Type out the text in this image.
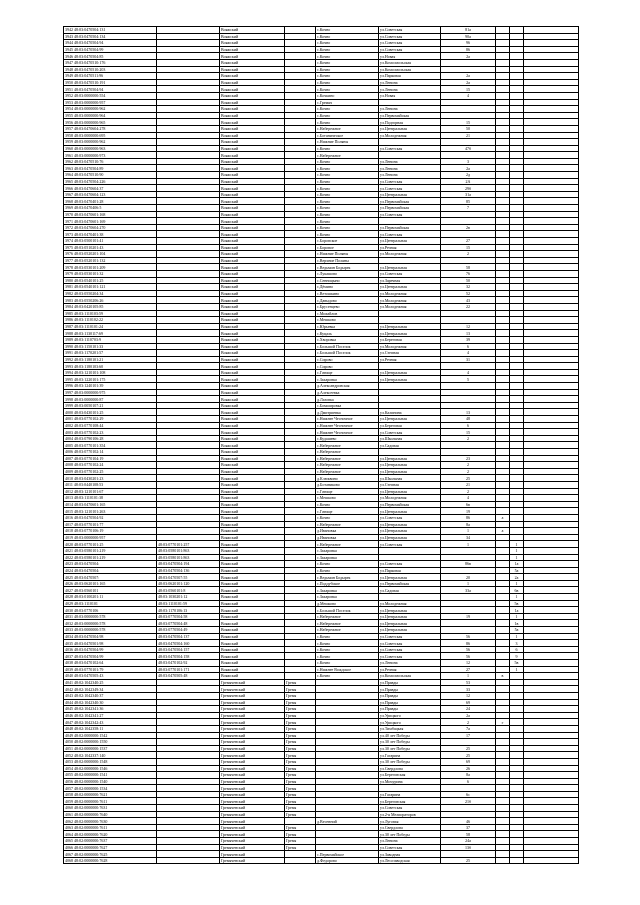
3942 48:03:0470504:131		Вояжский		с.Кочно	ул.Советская	81а			
3943 48:03:0470504:134		Вояжский		с.Кочно	ул.Советская	90а			
3944 48:03:0470504:94		Вояжский		с.Кочно	ул.Советская	96			
3945 48:03:0470504:99		Вояжский		с.Кочно	ул.Советская	86			
3946 48:03:0470504:85		Вояжский		с.Кочно	ул.Новая	2а			
3947 48:03:0470510:176		Вояжский		с.Кочно	ул.Комсомольская				
3948 48:03:0470510:203		Вояжский		с.Кочно	ул.Комсомольская				
3949 48:03:0470511:96		Вояжский		с.Кочно	ул.Парковая	2а			
3950 48:03:0470510:191		Вояжский		с.Кочно	ул.Ленина	2а			
3951 48:03:0470504:94		Вояжский		с.Кочно	ул.Ленина	15			
3952 48:03:0000000:554		Вояжский		с.Кочкино	ул.Новая	4			
3953 48:03:0000000:957		Вояжский		с.Гремяч					
3954 48:03:0000000:962		Вояжский		с.Кочно	ул.Ленина				
3955 48:03:0000000:964		Вояжский		с.Кочно	ул.Первомайская				
3956 48:03:0000000:965		Вояжский		с.Кочно	ул.Подгорная	15			
3957 48:03:0470604:278		Вояжский		с.Набережное	ул.Центральная	50			
3958 48:03:0000000:695		Вояжский		с.Ботаническое	ул.Молодежная	21			
3959 48:03:0000000:962		Вояжский		с.Нижние Поляны					
3960 48:03:0000000:963		Вояжский		с.Кочно	ул.Советская	47б			
3961 48:03:0000000:973		Вояжский		с.Набережное					
3962 48:03:0470510:76		Вояжский		с.Кочно	ул.Ленина	3			
3963 48:03:0470504:89		Вояжский		с.Кочно	ул.Ленина	2а			
3964 48:03:0470510:90		Вояжский		с.Кочно	ул.Ленина	2д			
3965 48:03:0470504:226		Вояжский		с.Кочно	ул.Советская	2А			
3966 48:03:0470604:37		Вояжский		с.Кочно	ул.Советская	29б			
3967 48:03:0470604:123		Вояжский		с.Кочно	ул.Центральная	31а			
3968 48:03:0470401:28		Вояжский		с.Кочно	ул.Первомайская	85			
3969 48:03:0470406:5		Вояжский		с.Кочно	ул.Первомайская	7			
3970 48:03:0470601:168		Вояжский		с.Кочно	ул.Советская				
3971 48:03:0470601:169		Вояжский		с.Кочно					
3972 48:03:0470604:270		Вояжский		с.Кочно	ул.Первомайская	2в			
3973 48:03:0470401:38		Вояжский		с.Кочно	ул.Советская				
3974 48:03:0500101:41		Вояжский		с.Боровское	ул.Центральная	27			
3975 48:03:0510201:43		Вояжский		с.Боровое	ул.Речная	15			
3976 48:03:0520201:104		Вояжский		с.Нижние Поляны	ул.Молодежная	2			
3977 48:03:0520101:132		Вояжский		с.Верхние Поляны					
3978 48:03:0530101:209		Вояжский		с.Ведьмин Бодырек	ул.Центральная	58			
3979 48:03:0530101:32		Вояжский		с.Лукашово	ул.Советская	76			
3980 48:03:0540101:25		Вояжский		с.Сенницыно	ул.Заречная	50			
3981 48:03:0540101:121		Вояжский		с.Дёмино	ул.Центральная	32			
3982 48:03:0550204:34		Вояжский		с.Ветошкино	ул.Молодежная	52			
3983 48:03:0550206:26		Вояжский		с.Давыдово	ул.Молодежная	43			
3984 48:03:0420105:85		Вояжский		с.Брусенцево	ул.Молодежная	22			
3985 48:03:1110103:59		Вояжский		с.Михайлов					
3986 48:03:1110102:22		Вояжский		с.Мешково					
3987 48:03:1110101:24		Вояжский		с.Юрьевка	ул.Центральная	12			
3988 48:03:1130117:69		Вояжский		с.Куцаль	ул.Центральная	13			
3989 48:03:1110703:9		Вояжский		с.Хворовка	ул.Береговая	39			
3990 48:03:1150101:33		Вояжский		с.Большой Поселок	ул.Молодежная	6			
3991 48:03:1170201:57		Вояжский		с.Большой Поселок	ул.Степная	4			
3992 48:03:1180101:21		Вояжский		с.Сирово	ул.Речная	31			
3993 48:03:1180103:60		Вояжский		с.Сирово					
3994 48:03:1210101:108		Вояжский		с.Гатище	ул.Центральная	4			
3995 48:03:1220101:175		Вояжский		с.Захаровка	ул.Центральная	5			
3996 48:03:1240101:39		Вояжский		д.Александровская					
3997 48:03:0000000:975		Вояжский		д.Алексеевка					
3998 48:03:0000000:87		Вояжский		д.Лазовка					
3999 48:03:0050107:21		Вояжский		с.Бомшировка					
4000 48:03:0430101:25		Вояжский		д.Дмитриевка	ул.Калинина	13			
4001 48:03:0770102:29		Вояжский		с.Нижнее Чесночное	ул.Центральная	48			
4002 48:03:0770108:44		Вояжский		с.Нижнее Чесночное	ул.Береговая	6			
4003 48:03:0770102:23		Вояжский		с.Нижнее Чесночное	ул.Советская	15			
4004 48:03:0790106:28		Вояжский		с.Кудашево	ул.Школьная	2			
4005 48:03:0770101:354		Вояжский		с.Набережное	ул.Садовая				
4006 48:03:0770102:14		Вояжский		с.Набережное					
4007 48:03:0770104:19		Вояжский		с.Набережное	ул.Центральная	23			
4008 48:03:0770102:24		Вояжский		с.Набережное	ул.Центральная	2			
4009 48:03:0770102:25		Вояжский		с.Набережное	ул.Центральная	2			
4010 48:03:0430201:23		Вояжский		д.Клюквино	ул.Школьная	25			
4011 48:03:0440108:53		Вояжский		д.Ботаниково	ул.Степная	21			
4012 48:03:1210101:67		Вояжский		с.Гатище	ул.Центральная	2			
4013 48:03:1110101:38		Вояжский		с.Мешково	ул.Молодежная	4			
4014 48:03:0470601:165		Вояжский		с.Кочно	ул.Первомайская	6в			
4015 48:03:1210101:263		Вояжский		с.Гатище	ул.Центральная	19			
4016 48:03:0470504:92		Вояжский		с.Кочно	ул.Советская	86	а		
4017 48:03:0770101:77		Вояжский		с.Набережное	ул.Центральная	8а			
4018 48:03:0770106:19		Вояжский		д.Ивановка	ул.Центральная	1	а		
4019 48:03:0000000:957		Вояжский		д.Ивановка	ул.Центральная	34			
4020 48:03:0770101:25	48:03:0770101:257	Вояжский		с.Набережное	ул.Советская	1		1	
4021 48:03:0580101:219	48:03:0580101:863	Вояжский		с.Захаровка				1	
4022 48:03:0580101:219	48:03:0580101:863	Вояжский		с.Захаровка				1	
4023 48:03:0470504:	48:03:0470504:194	Вояжский		с.Кочно	ул.Советская	86в		1а	
4024 48:03:0470504:	48:03:0470504:136	Вояжский		с.Кочно	ул.Парковая			5а	
4025 48:03:0470507:	48:03:0470507:55	Вояжский		с.Ведьмин Бодырек	ул.Центральная	20		2а	
4026 48:03:0620101:165	48:03:0620101:120	Вояжский		с.Поддубское	ул.Первомайская	1		1	
4027 48:03:0560101	48:03:0560101:8	Вояжский		с.Захаровка	ул.Садовая	33а		6в	
4028 48:03:0100201:11	48:03:1030201:12	Вояжский		с.Захаровка				1	
4029 48:03:1110101	48:03:1110101:59	Вояжский		д.Мешково	ул.Молодежная			5в	
4030 48:03:0770106	48:03:1170106:13	Вояжский		с.Большой Поселок	ул.Центральная			1а	
4031 48:03:0000000:578	48:03:0770504:58	Вояжский		с.Набережное	ул.Центральная	19		1	
4032 48:03:0000000:578	48:03:0770504:48	Вояжский		с.Набережное	ул.Центральная			1в	
4033 48:03:0000000:578	48:03:0770504:49	Вояжский		с.Набережное	ул.Центральная			5а	
4034 48:03:0470504:98	48:03:0470504:137	Вояжский		с.Кочно	ул.Советская	56		1	
4035 48:03:0470501:98	48:03:0470504:160	Вояжский		с.Кочно	ул.Советская	86		3	
4036 48:03:0470504:99	48:03:0470504:157	Вояжский		с.Кочно	ул.Советская	56		6	
4037 48:03:0470504:99	48:03:0470504:158	Вояжский		с.Кочно	ул.Советская	56		9	
4038 48:03:0470102:64	48:03:0470102:92	Вояжский		с.Кочно	ул.Ленина	12		5в	
4039 48:03:0770101:79	48:03:0770101:171	Вояжский		с.Нижнее Вождское	ул.Речная	27		1	
4040 48:03:0470505:43	48:03:0470505:48	Вояжский		с.Кочно	ул.Комсомольская	1	в		
4041 48:02:1042340:25		Гремяченский	Гремя		ул.Правды	53			
4042 48:02:1042349:34		Гремяченский	Гремя		ул.Правды	33			
4043 48:02:1042340:37		Гремяченский	Гремя		ул.Правды	12			
4044 48:02:1042340:30		Гремяченский	Гремя		ул.Правды	69			
4045 48:02:1042341:36		Гремяченский	Гремя		ул.Правды	24			
4046 48:02:1042341:27		Гремяченский	Гремя		ул.Урицкого	2а			
4047 48:02:1042342:43		Гремяченский	Гремя		ул.Урицкого	2	г		
4048 48:02:1042358:11		Гремяченский	Гремя		ул.Тимбацкая	7а			
4049 48:02:0000000:1542		Гремяченский	Гремя		ул.40 лет Победы	17			
4050 48:02:0000000:1550		Гремяченский	Гремя		ул.30 лет Победы				
4051 48:02:0000000:1537		Гремяченский	Гремя		ул.30 лет Победы	25			
4052 48:02:1042337:140		Гремяченский	Гремя		ул.Гагарина	25			
4053 48:02:0000000:1548		Гремяченский	Гремя		ул.30 лет Победы	69			
4054 48:02:0000000:1546		Гремяченский	Гремя		ул.Свердлова	26			
4055 48:02:0000000:1541		Гремяченский	Гремя		ул.Береговская	8а			
4056 48:02:0000000:1540		Гремяченский	Гремя		ул.Мичурина	6			
4057 48:02:0000000:1534		Гремяченский	Гремя						
4058 48:02:0000000:7621		Гремяченский	Гремя		ул.Гагарина	6с			
4059 48:02:0000000:7611		Гремяченский	Гремя		ул.Береговская	21б			
4060 48:02:0000000:7631		Гремяченский	Гремя		ул.Советская				
4061 48:02:0000000:7640		Гремяченский	Гремя		ул.2-я Мелиораторов				
4062 48:02:0000000:7630		Гремяченский		д.Весенний	ул.Луговая	46			
4063 48:02:0000000:7611		Гремяченский	Гремя		ул.Свердлова	37			
4064 48:02:0000000:7620		Гремяченский	Гремя		ул.30 лет Победы	58			
4065 48:02:0000000:7637		Гремяченский	Гремя		ул.Ленина	24а			
4066 48:02:0000000:7627		Гремяченский	Гремя		ул.Советская	13б			
4067 48:02:0000000:7625		Гремяченский		с.Первомайское	ул.Заводная				
4068 48:02:0000000:7628		Гремяченский		д.Федорово	ул.Лесозаводская	25			
